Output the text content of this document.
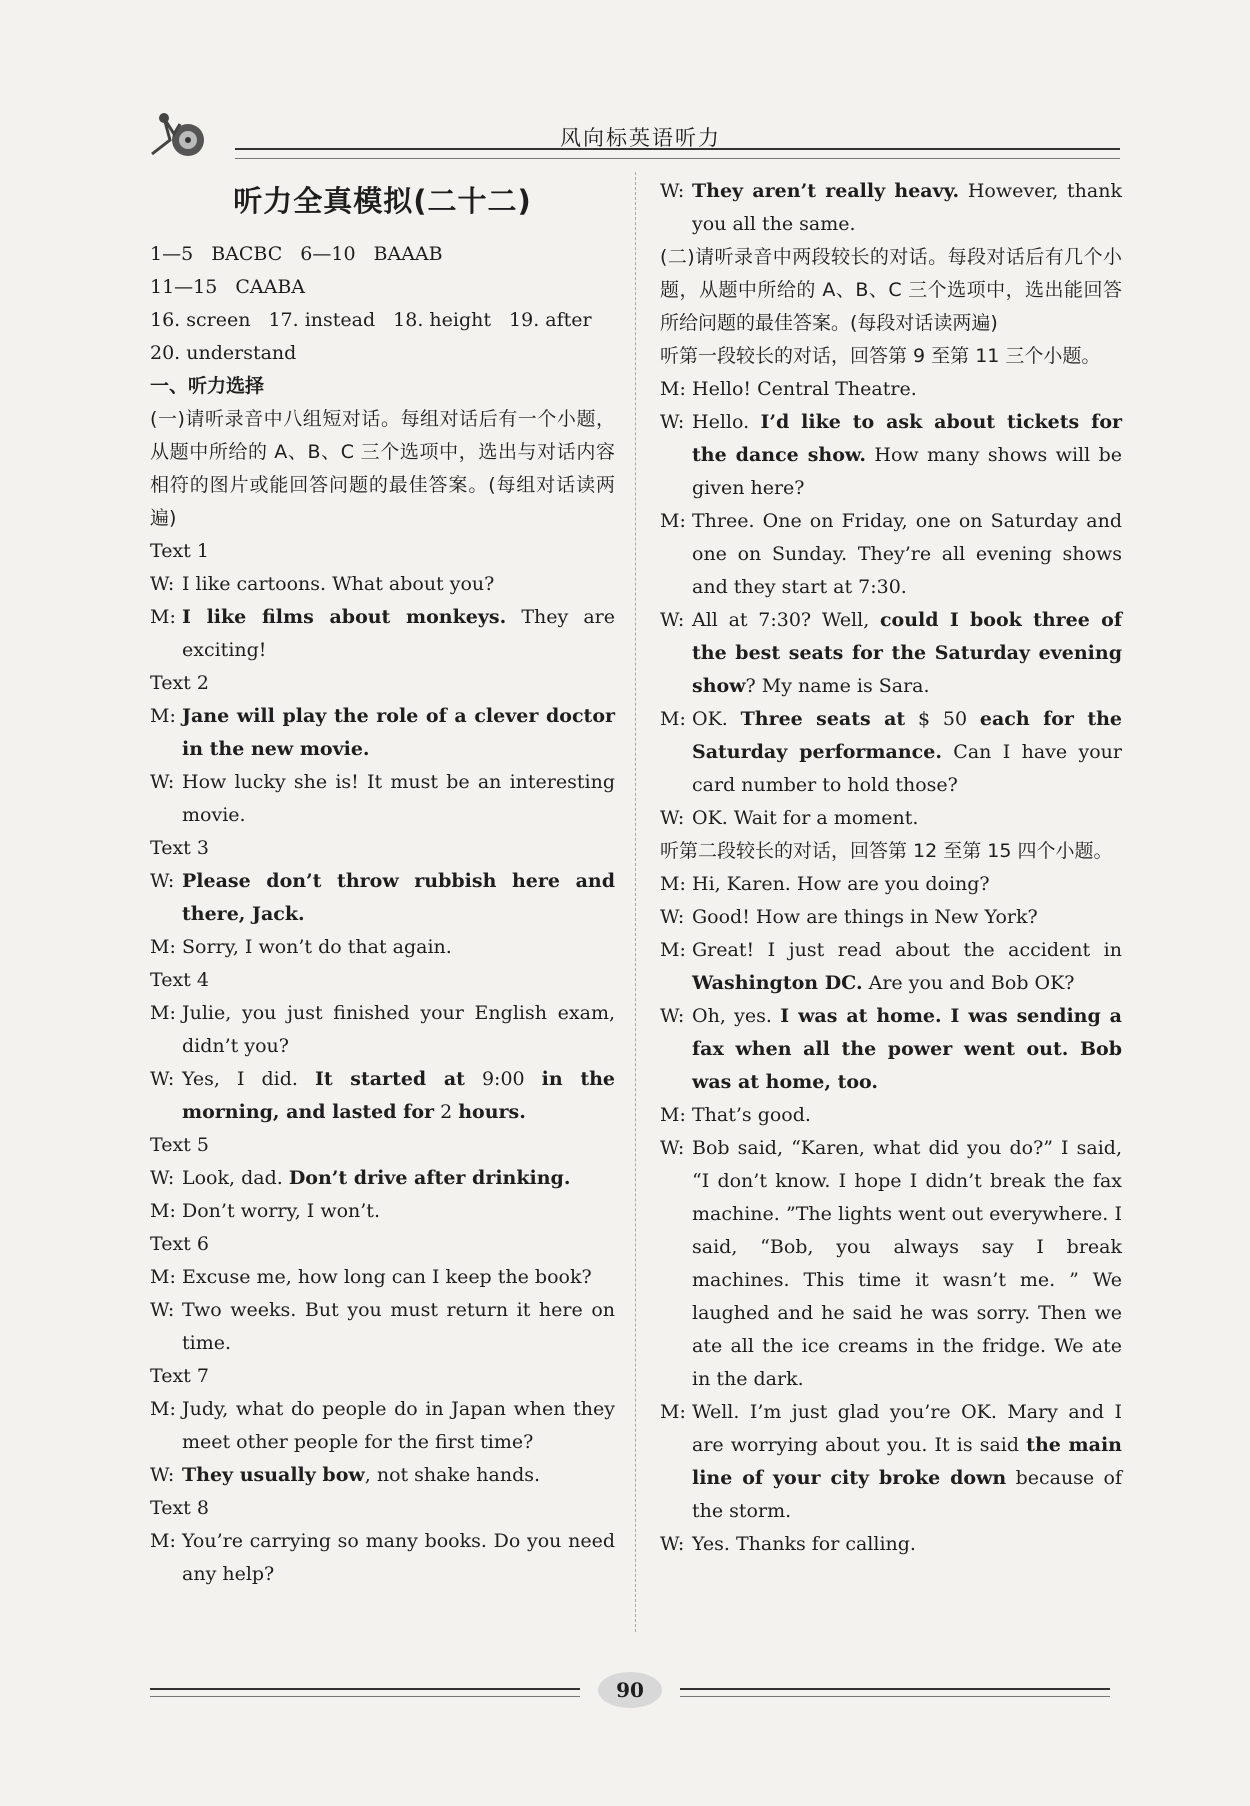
风向标英语听力
听力全真模拟(二十二)
1—5 BACBC 6—10 BAAAB
11—15 CAABA
16. screen 17. instead 18. height 19. after
20. understand
一、听力选择
(一)请听录音中八组短对话。每组对话后有一个小题，从题中所给的 A、B、C 三个选项中，选出与对话内容相符的图片或能回答问题的最佳答案。(每组对话读两遍)
Text 1
W: I like cartoons. What about you?
M: I like films about monkeys. They are exciting!
Text 2
M: Jane will play the role of a clever doctor in the new movie.
W: How lucky she is! It must be an interesting movie.
Text 3
W: Please don’t throw rubbish here and there, Jack.
M: Sorry, I won’t do that again.
Text 4
M: Julie, you just finished your English exam, didn’t you?
W: Yes, I did. It started at 9:00 in the morning, and lasted for 2 hours.
Text 5
W: Look, dad. Don’t drive after drinking.
M: Don’t worry, I won’t.
Text 6
M: Excuse me, how long can I keep the book?
W: Two weeks. But you must return it here on time.
Text 7
M: Judy, what do people do in Japan when they meet other people for the first time?
W: They usually bow, not shake hands.
Text 8
M: You’re carrying so many books. Do you need any help?
W: They aren’t really heavy. However, thank you all the same.
(二)请听录音中两段较长的对话。每段对话后有几个小题，从题中所给的 A、B、C 三个选项中，选出能回答所给问题的最佳答案。(每段对话读两遍)
听第一段较长的对话，回答第 9 至第 11 三个小题。
M: Hello! Central Theatre.
W: Hello. I’d like to ask about tickets for the dance show. How many shows will be given here?
M: Three. One on Friday, one on Saturday and one on Sunday. They’re all evening shows and they start at 7:30.
W: All at 7:30? Well, could I book three of the best seats for the Saturday evening show? My name is Sara.
M: OK. Three seats at $ 50 each for the Saturday performance. Can I have your card number to hold those?
W: OK. Wait for a moment.
听第二段较长的对话，回答第 12 至第 15 四个小题。
M: Hi, Karen. How are you doing?
W: Good! How are things in New York?
M: Great! I just read about the accident in Washington DC. Are you and Bob OK?
W: Oh, yes. I was at home. I was sending a fax when all the power went out. Bob was at home, too.
M: That’s good.
W: Bob said, “Karen, what did you do?” I said, “I don’t know. I hope I didn’t break the fax machine. ”The lights went out everywhere. I said, “Bob, you always say I break machines. This time it wasn’t me. ” We laughed and he said he was sorry. Then we ate all the ice creams in the fridge. We ate in the dark.
M: Well. I’m just glad you’re OK. Mary and I are worrying about you. It is said the main line of your city broke down because of the storm.
W: Yes. Thanks for calling.
90
